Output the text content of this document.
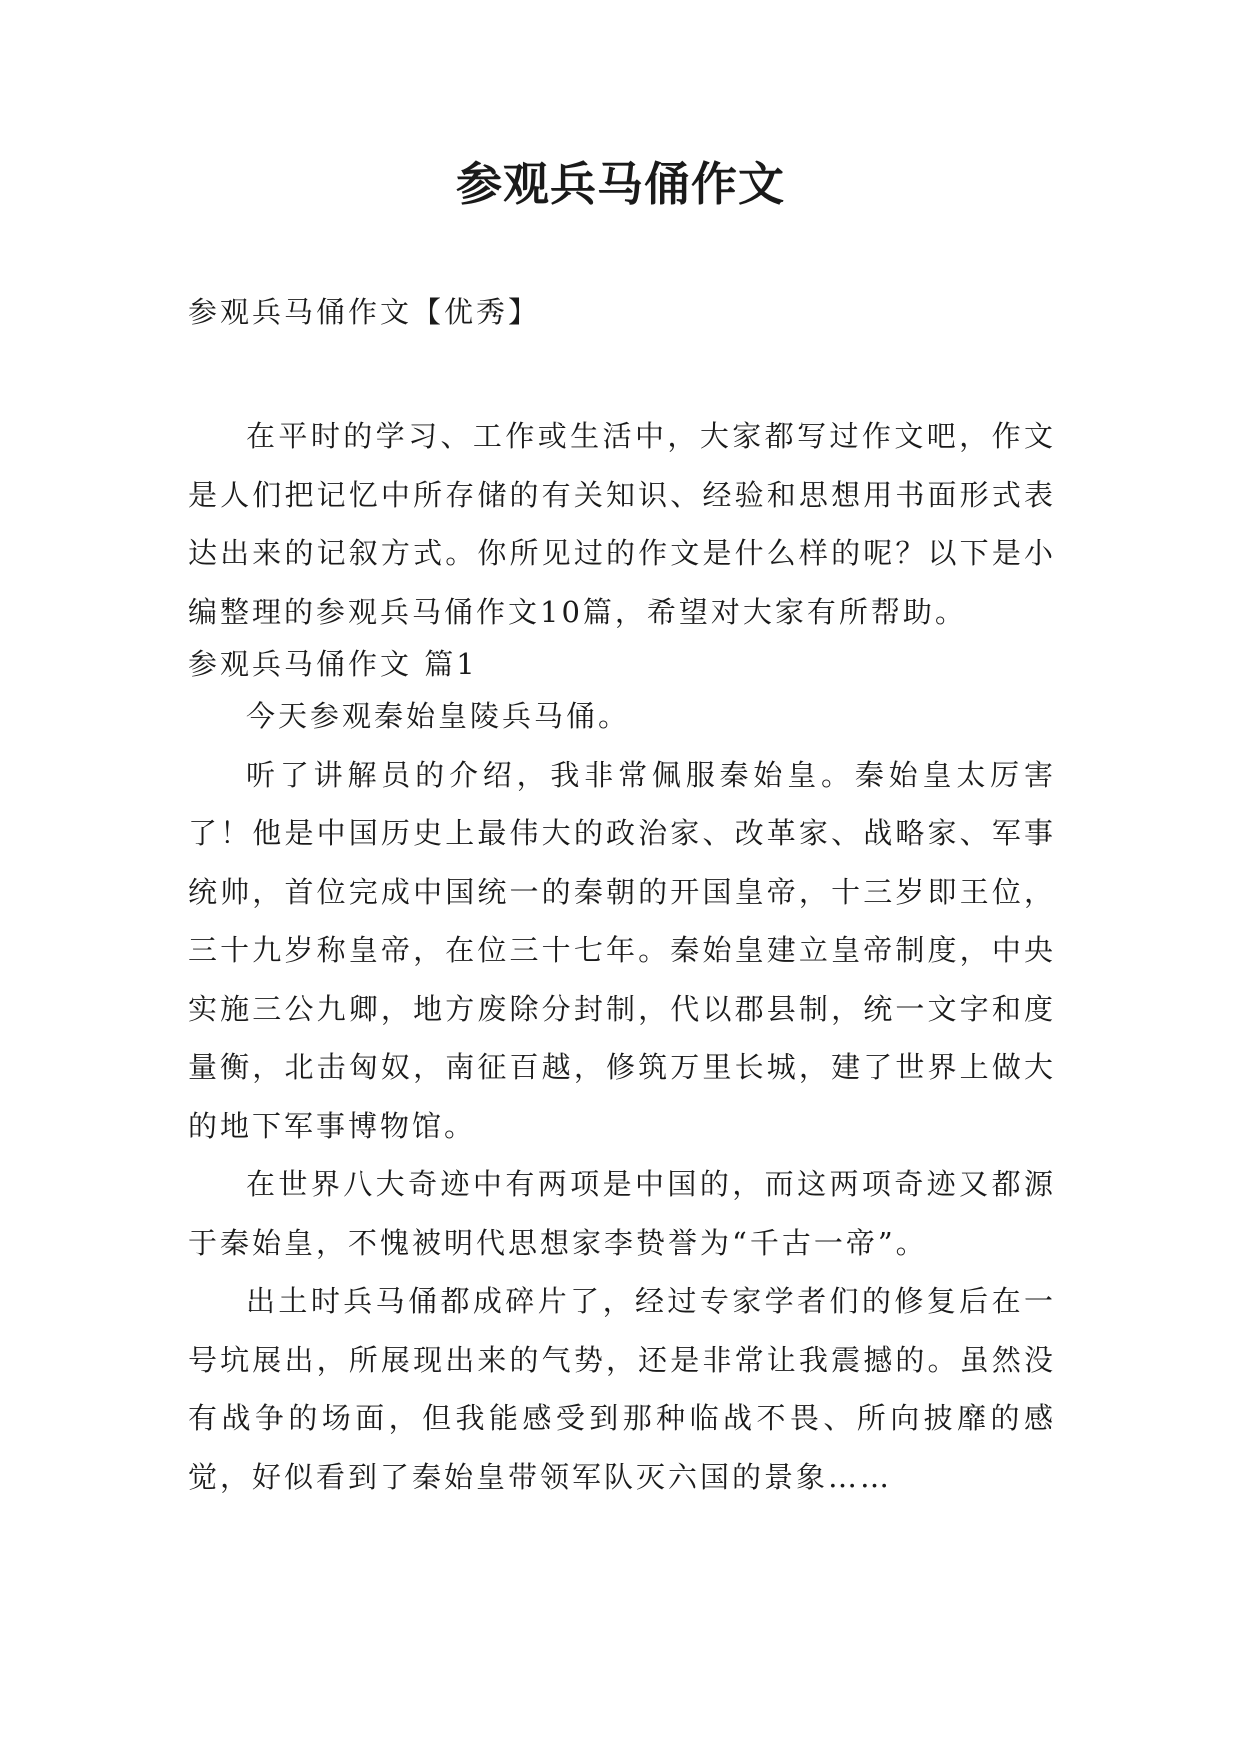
参观兵马俑作文

参观兵马俑作文【优秀】

在平时的学习、工作或生活中，大家都写过作文吧，作文是人们把记忆中所存储的有关知识、经验和思想用书面形式表达出来的记叙方式。你所见过的作文是什么样的呢？以下是小编整理的参观兵马俑作文10篇，希望对大家有所帮助。

参观兵马俑作文 篇1

今天参观秦始皇陵兵马俑。

听了讲解员的介绍，我非常佩服秦始皇。秦始皇太厉害了！他是中国历史上最伟大的政治家、改革家、战略家、军事统帅，首位完成中国统一的秦朝的开国皇帝，十三岁即王位，三十九岁称皇帝，在位三十七年。秦始皇建立皇帝制度，中央实施三公九卿，地方废除分封制，代以郡县制，统一文字和度量衡，北击匈奴，南征百越，修筑万里长城，建了世界上做大的地下军事博物馆。

在世界八大奇迹中有两项是中国的，而这两项奇迹又都源于秦始皇，不愧被明代思想家李贽誉为“千古一帝”。

出土时兵马俑都成碎片了，经过专家学者们的修复后在一号坑展出，所展现出来的气势，还是非常让我震撼的。虽然没有战争的场面，但我能感受到那种临战不畏、所向披靡的感觉，好似看到了秦始皇带领军队灭六国的景象……
